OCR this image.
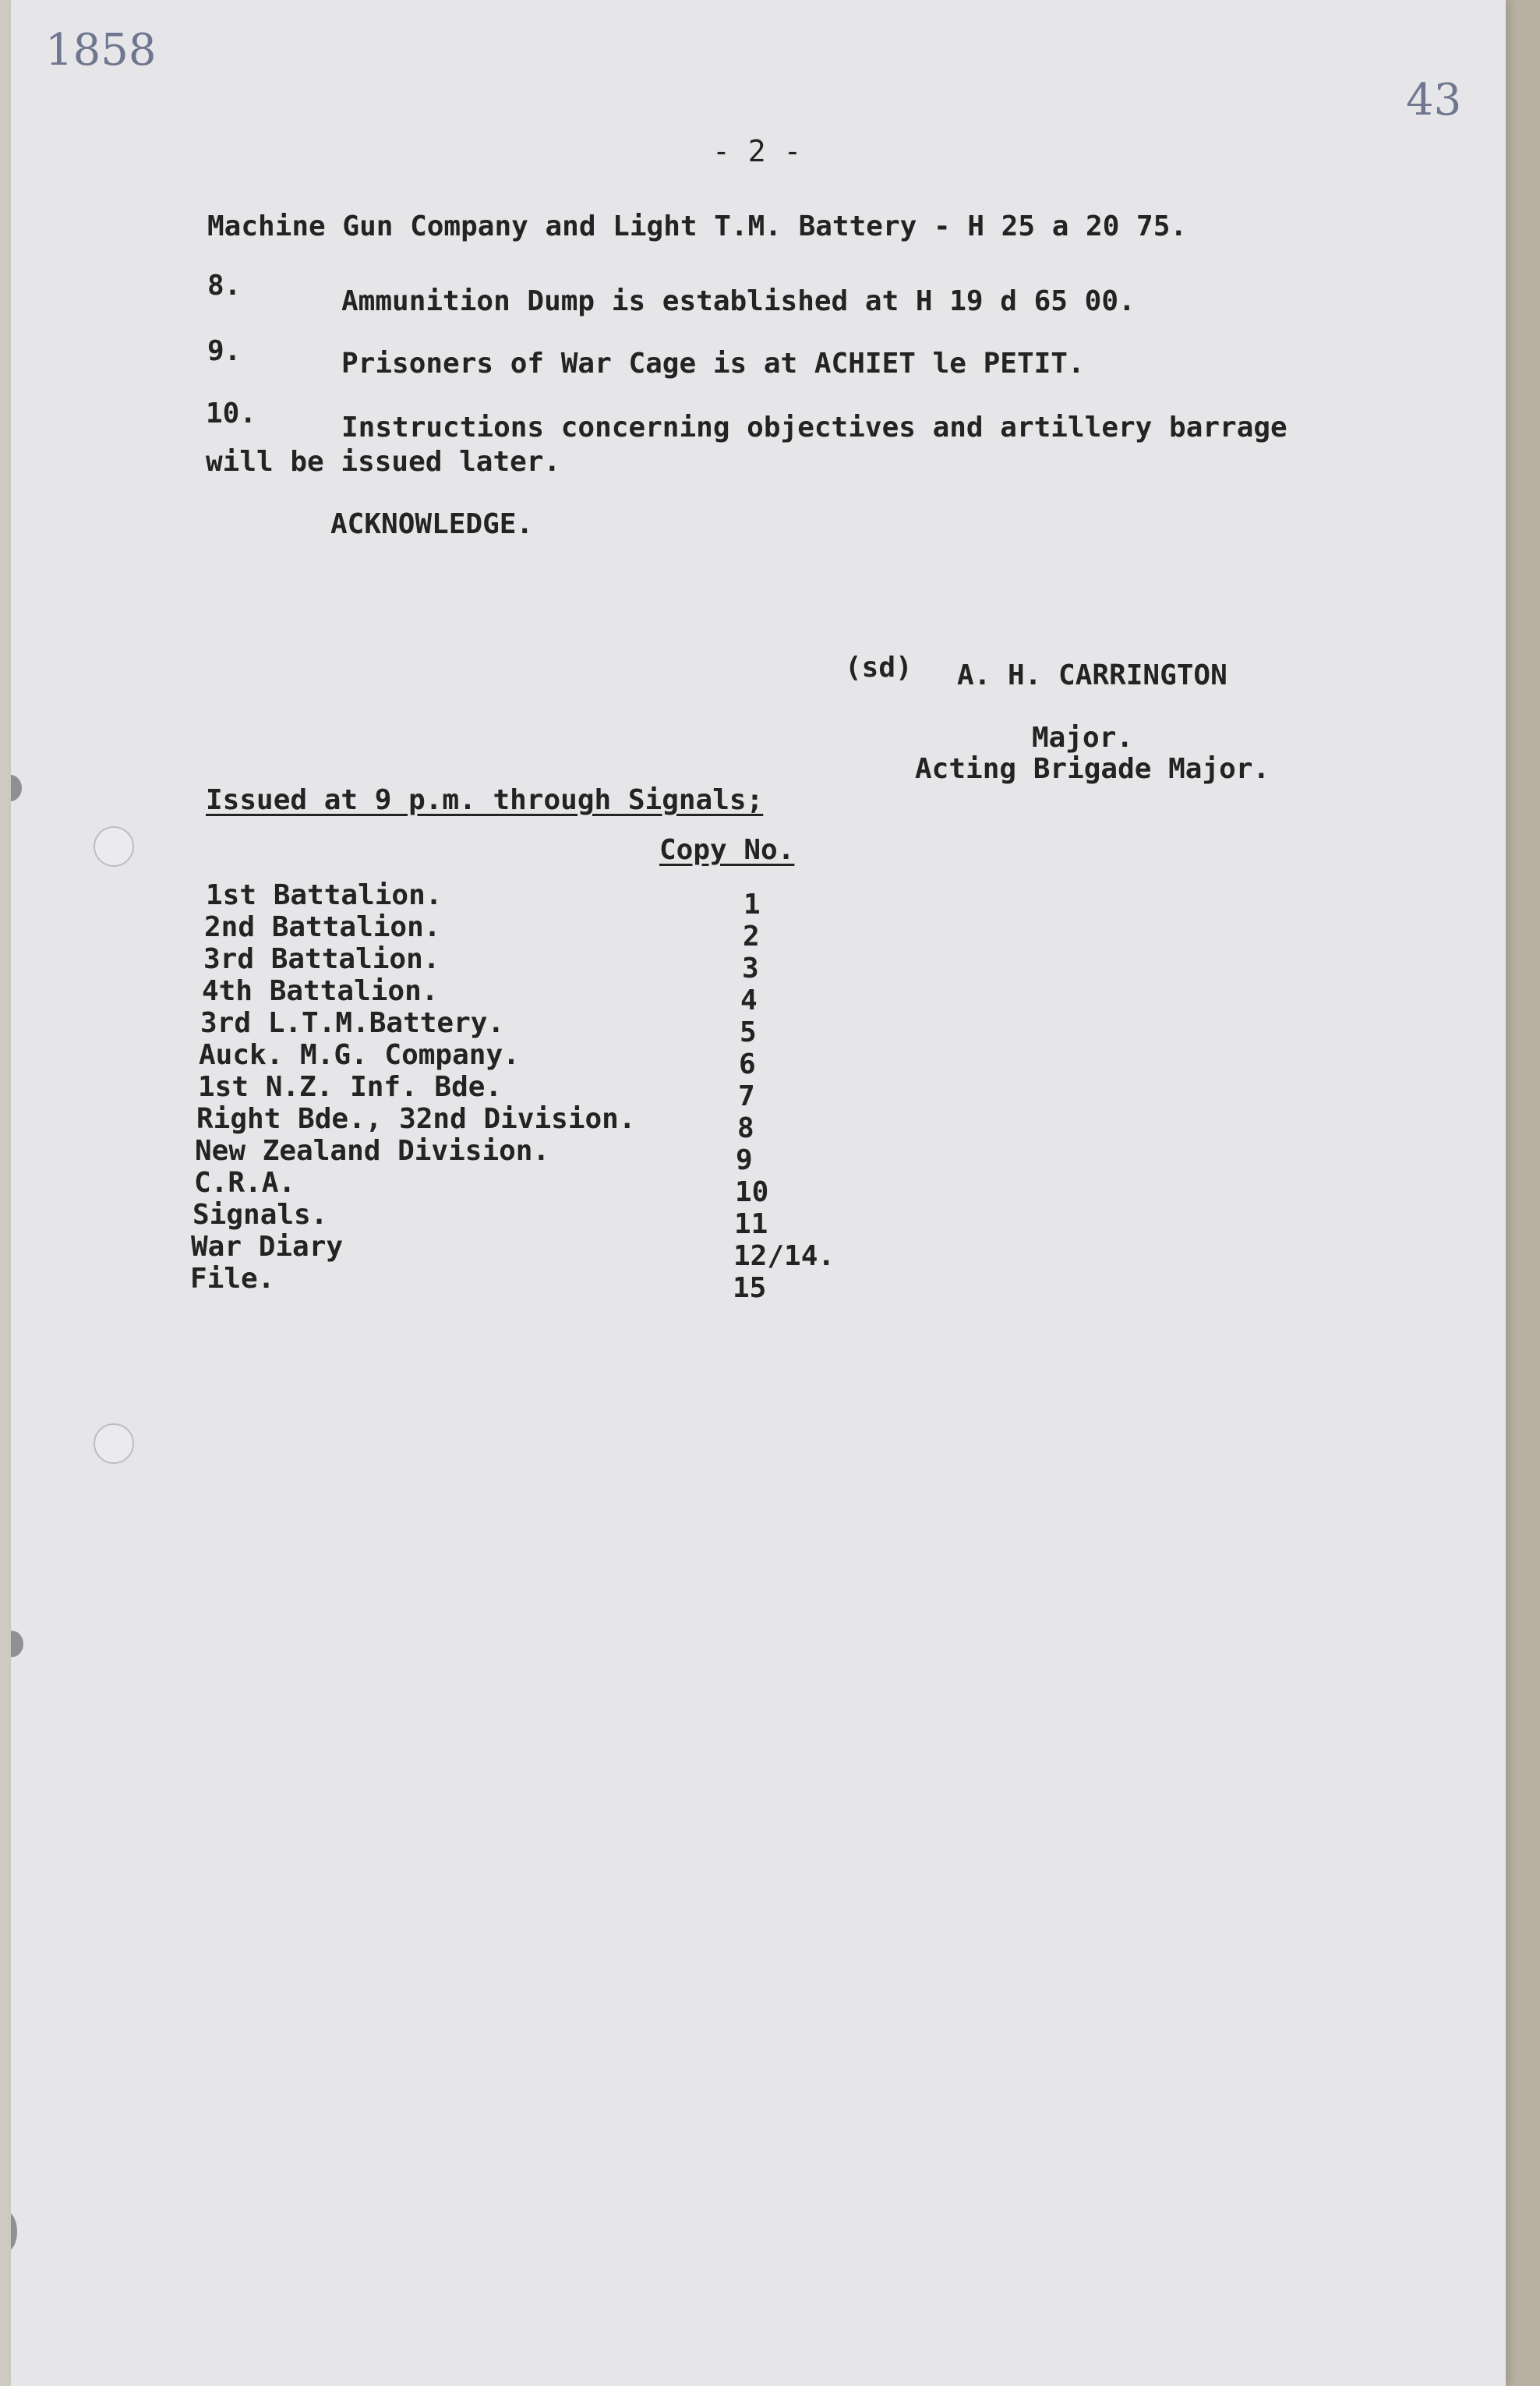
1858
43
- 2 -
Machine Gun Company and Light T.M. Battery - H 25 a 20 75.
8.	Ammunition Dump is established at H 19 d 65 00.
9.	Prisoners of War Cage is at ACHIET le PETIT.
10.	Instructions concerning objectives and artillery barrage
will be issued later.
ACKNOWLEDGE.
(sd) A. H. CARRINGTON
Major.
Acting Brigade Major.
Issued at 9 p.m. through Signals;
Copy No.
1st Battalion.	1
2nd Battalion.	2
3rd Battalion.	3
4th Battalion.	4
3rd L.T.M.Battery.	5
Auck. M.G. Company.	6
1st N.Z. Inf. Bde.	7
Right Bde., 32nd Division.	8
New Zealand Division.	9
C.R.A.	10
Signals.	11
War Diary	12/14.
File.	15
